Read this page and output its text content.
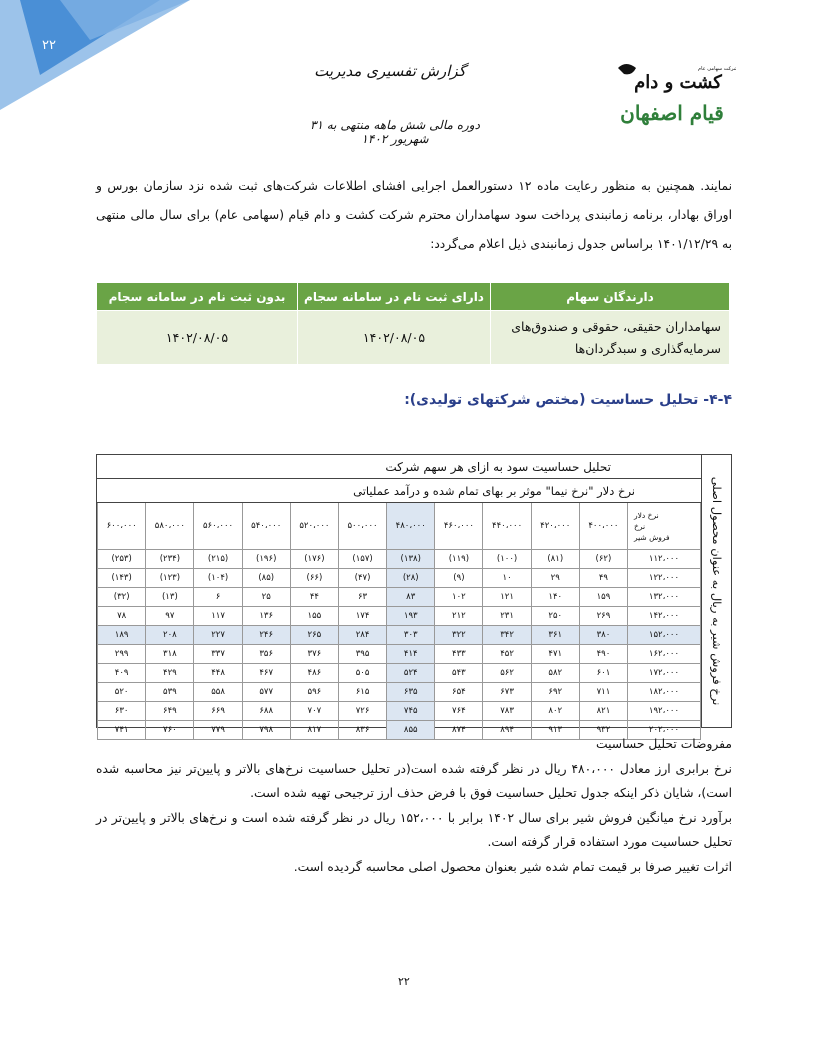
۲۲
گزارش تفسیری مدیریت
دوره مالی شش ماهه منتهی به ۳۱ شهریور ۱۴۰۲
کشت و دام
قیام اصفهان
شرکت سهامی عام
نمایند. همچنین به منظور رعایت ماده ۱۲ دستورالعمل اجرایی افشای اطلاعات شرکت‌های ثبت شده نزد سازمان بورس و اوراق بهادار، برنامه زمانبندی پرداخت سود سهامداران محترم شرکت کشت و دام قیام (سهامی عام) برای سال مالی منتهی به ۱۴۰۱/۱۲/۲۹ براساس جدول زمانبندی ذیل اعلام می‌گردد:
دارندگان سهام	دارای ثبت نام در سامانه سجام	بدون ثبت نام در سامانه سجام
سهامداران حقیقی، حقوقی و صندوق‌های سرمایه‌گذاری و سبدگردان‌ها	۱۴۰۲/۰۸/۰۵	۱۴۰۲/۰۸/۰۵
۴-۴- تحلیل حساسیت (مختص شرکتهای تولیدی):
نرخ فروش شیر به ریال به عنوان محصول اصلی
تحلیل حساسیت سود به ازای هر سهم شرکت
نرخ دلار "نرخ نیما" موثر بر بهای تمام شده و درآمد عملیاتی
نرخ دلار
نرخ
فروش شیر	۴۰۰،۰۰۰	۴۲۰،۰۰۰	۴۴۰،۰۰۰	۴۶۰،۰۰۰	۴۸۰،۰۰۰	۵۰۰،۰۰۰	۵۲۰،۰۰۰	۵۴۰،۰۰۰	۵۶۰،۰۰۰	۵۸۰،۰۰۰	۶۰۰،۰۰۰
۱۱۲،۰۰۰	(۶۲)	(۸۱)	(۱۰۰)	(۱۱۹)	(۱۳۸)	(۱۵۷)	(۱۷۶)	(۱۹۶)	(۲۱۵)	(۲۳۴)	(۲۵۳)
۱۲۲،۰۰۰	۴۹	۲۹	۱۰	(۹)	(۲۸)	(۴۷)	(۶۶)	(۸۵)	(۱۰۴)	(۱۲۳)	(۱۴۳)
۱۳۲،۰۰۰	۱۵۹	۱۴۰	۱۲۱	۱۰۲	۸۳	۶۳	۴۴	۲۵	۶	(۱۳)	(۳۲)
۱۴۲،۰۰۰	۲۶۹	۲۵۰	۲۳۱	۲۱۲	۱۹۳	۱۷۴	۱۵۵	۱۳۶	۱۱۷	۹۷	۷۸
۱۵۲،۰۰۰	۳۸۰	۳۶۱	۳۴۲	۳۲۲	۳۰۳	۲۸۴	۲۶۵	۲۴۶	۲۲۷	۲۰۸	۱۸۹
۱۶۲،۰۰۰	۴۹۰	۴۷۱	۴۵۲	۴۳۳	۴۱۴	۳۹۵	۳۷۶	۳۵۶	۳۳۷	۳۱۸	۲۹۹
۱۷۲،۰۰۰	۶۰۱	۵۸۲	۵۶۲	۵۴۳	۵۲۴	۵۰۵	۴۸۶	۴۶۷	۴۴۸	۴۲۹	۴۰۹
۱۸۲،۰۰۰	۷۱۱	۶۹۲	۶۷۳	۶۵۴	۶۳۵	۶۱۵	۵۹۶	۵۷۷	۵۵۸	۵۳۹	۵۲۰
۱۹۲،۰۰۰	۸۲۱	۸۰۲	۷۸۳	۷۶۴	۷۴۵	۷۲۶	۷۰۷	۶۸۸	۶۶۹	۶۴۹	۶۳۰
۲۰۲،۰۰۰	۹۳۲	۹۱۳	۸۹۴	۸۷۴	۸۵۵	۸۳۶	۸۱۷	۷۹۸	۷۷۹	۷۶۰	۷۴۱
مفروضات تحلیل حساسیت
نرخ برابری ارز معادل ۴۸۰،۰۰۰ ریال در نظر گرفته شده است(در تحلیل حساسیت نرخ‌های بالاتر و پایین‌تر نیز محاسبه شده است)، شایان ذکر اینکه جدول تحلیل حساسیت فوق با فرض حذف ارز ترجیحی تهیه شده است.
برآورد نرخ میانگین فروش شیر برای سال ۱۴۰۲ برابر با ۱۵۲،۰۰۰ ریال در نظر گرفته شده است و نرخ‌های بالاتر و پایین‌تر در تحلیل حساسیت مورد استفاده قرار گرفته است.
اثرات تغییر صرفا بر قیمت تمام شده شیر بعنوان محصول اصلی محاسبه گردیده است.
۲۲
